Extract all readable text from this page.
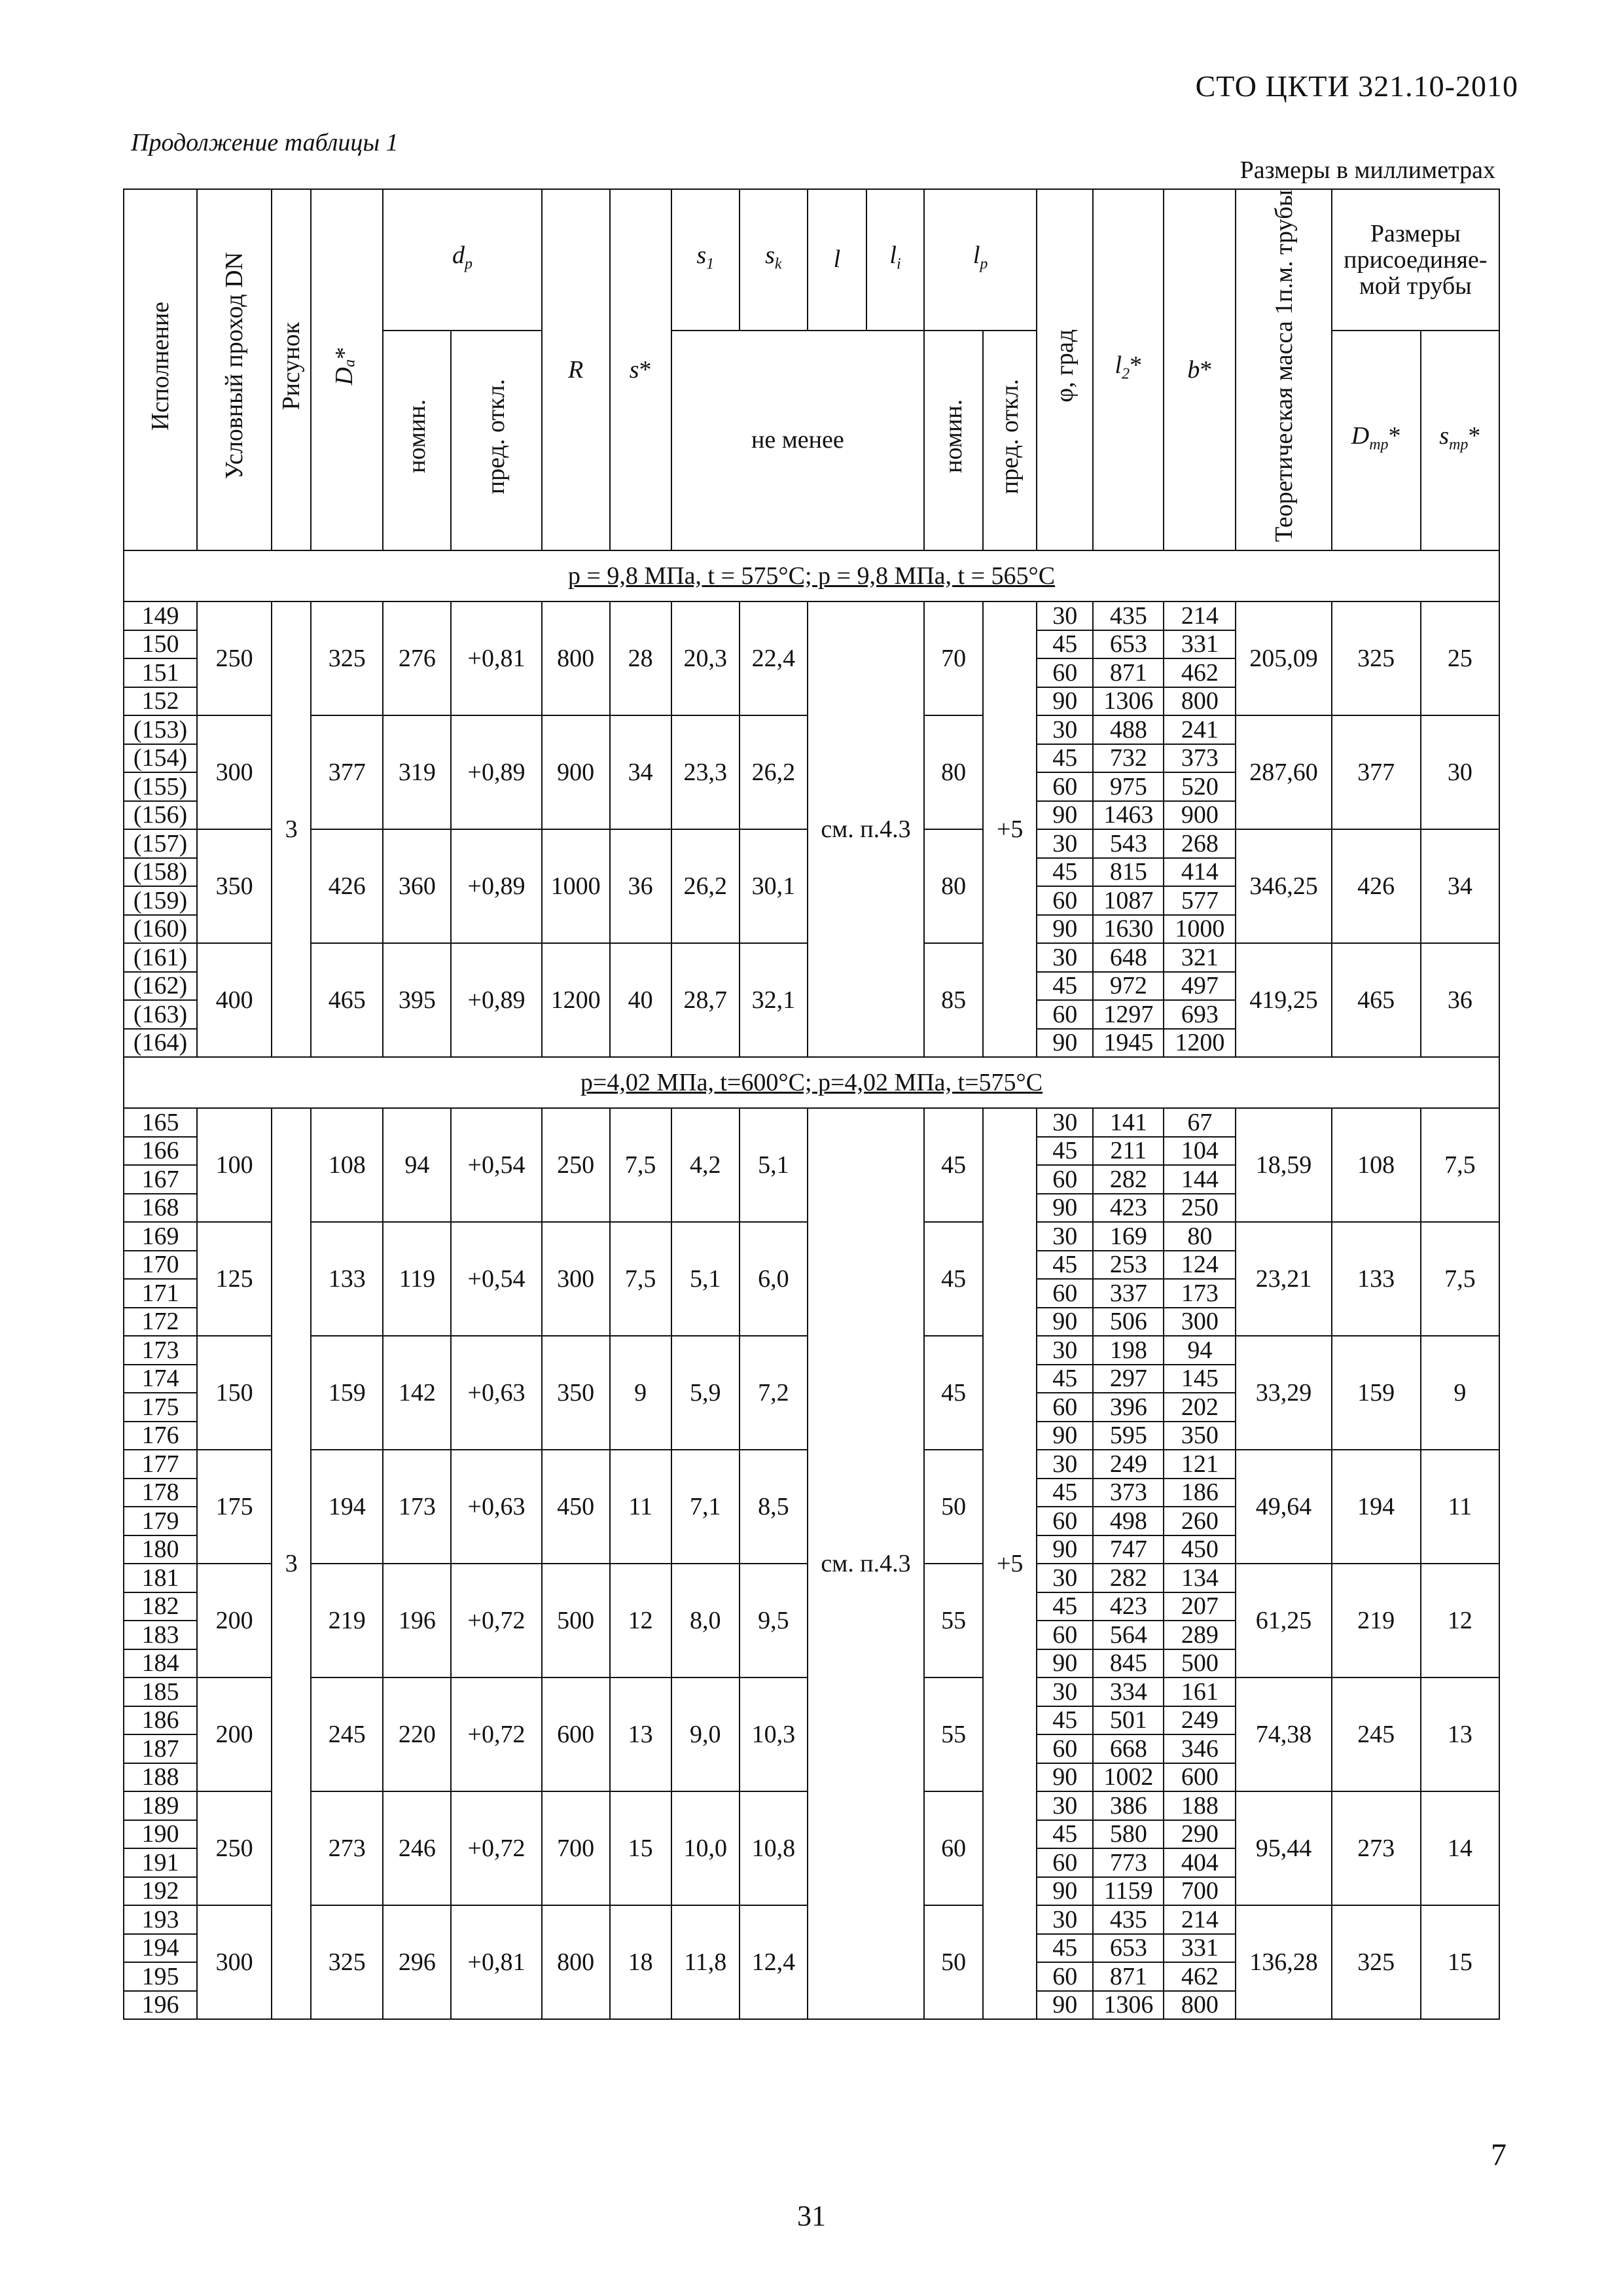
СТО ЦКТИ 321.10-2010
Продолжение таблицы 1
Размеры в миллиметрах
Исполнение	Условный проход DN	Рисунок	$D_a*$	$d_p$		R	s*	$s_1$	$s_k$	l	$l_i$	$l_p$		φ, град	$l_2*$	b*	Теоретическая масса 1п.м. трубы	Размеры присоединяе-мой трубы	
				номин.	пред. откл.			не менее				номин.	пред. откл.					$D_{тр}*$	$s_{тр}*$
p = 9,8 МПа, t = 575°C; p = 9,8 МПа, t = 565°C																			
149	250	3	325	276	+0,81	800	28	20,3	22,4	см. п.4.3		70	+5	30	435	214	205,09	325	25
150														45	653	331			
151														60	871	462			
152														90	1306	800			
(153)	300		377	319	+0,89	900	34	23,3	26,2			80		30	488	241	287,60	377	30
(154)														45	732	373			
(155)														60	975	520			
(156)														90	1463	900			
(157)	350		426	360	+0,89	1000	36	26,2	30,1			80		30	543	268	346,25	426	34
(158)														45	815	414			
(159)														60	1087	577			
(160)														90	1630	1000			
(161)	400		465	395	+0,89	1200	40	28,7	32,1			85		30	648	321	419,25	465	36
(162)														45	972	497			
(163)														60	1297	693			
(164)														90	1945	1200			
p=4,02 МПа, t=600°C; p=4,02 МПа, t=575°C																			
165	100	3	108	94	+0,54	250	7,5	4,2	5,1	см. п.4.3		45	+5	30	141	67	18,59	108	7,5
166														45	211	104			
167														60	282	144			
168														90	423	250			
169	125		133	119	+0,54	300	7,5	5,1	6,0			45		30	169	80	23,21	133	7,5
170														45	253	124			
171														60	337	173			
172														90	506	300			
173	150		159	142	+0,63	350	9	5,9	7,2			45		30	198	94	33,29	159	9
174														45	297	145			
175														60	396	202			
176														90	595	350			
177	175		194	173	+0,63	450	11	7,1	8,5			50		30	249	121	49,64	194	11
178														45	373	186			
179														60	498	260			
180														90	747	450			
181	200		219	196	+0,72	500	12	8,0	9,5			55		30	282	134	61,25	219	12
182														45	423	207			
183														60	564	289			
184														90	845	500			
185	200		245	220	+0,72	600	13	9,0	10,3			55		30	334	161	74,38	245	13
186														45	501	249			
187														60	668	346			
188														90	1002	600			
189	250		273	246	+0,72	700	15	10,0	10,8			60		30	386	188	95,44	273	14
190														45	580	290			
191														60	773	404			
192														90	1159	700			
193	300		325	296	+0,81	800	18	11,8	12,4			50		30	435	214	136,28	325	15
194														45	653	331			
195														60	871	462			
196														90	1306	800			
7
31
